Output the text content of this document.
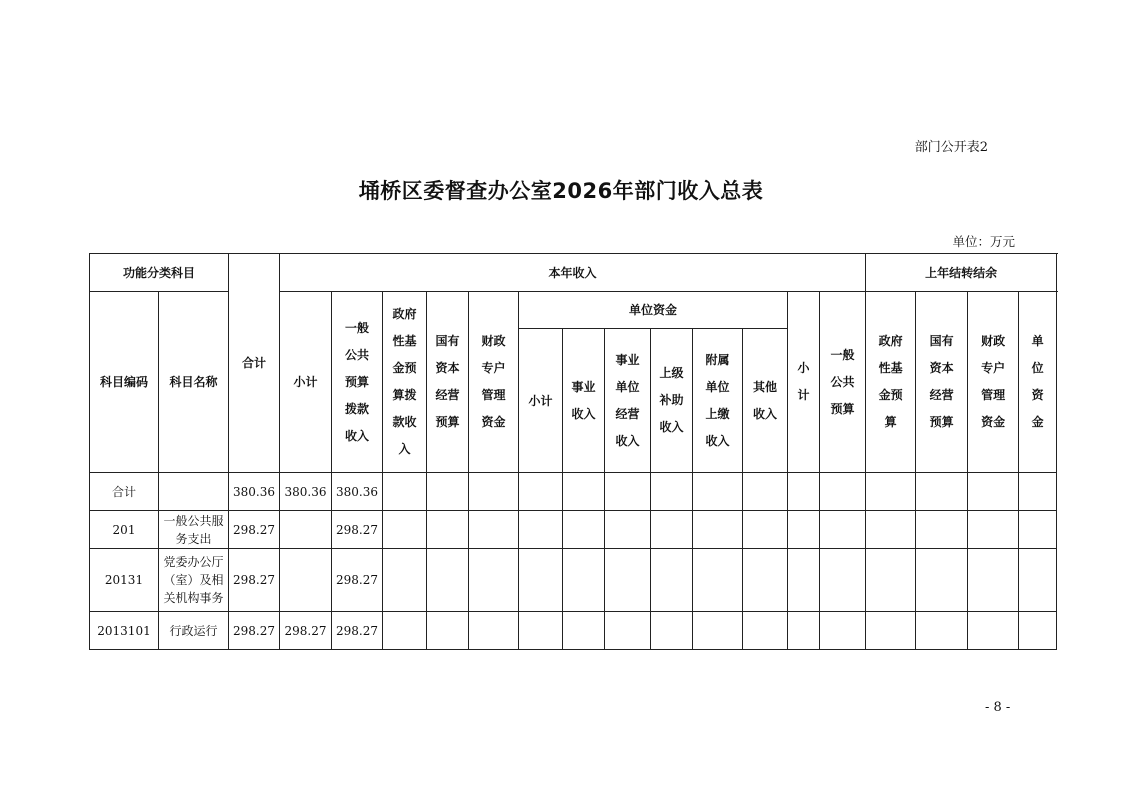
部门公开表2
埇桥区委督查办公室2026年部门收入总表
单位：万元
功能分类科目		合计	本年收入													上年结转结余			
科目编码	科目名称		小计	一般公共预算拨款收入	政府性基金预算拨款收入	国有资本经营预算	财政专户管理资金	单位资金						小计	一般公共预算	政府性基金预算	国有资本经营预算	财政专户管理资金	单位资金
								小计	事业收入	事业单位经营收入	上级补助收入	附属单位上缴收入	其他收入						
合计		380.36	380.36	380.36															
201	一般公共服务支出	298.27		298.27															
20131	党委办公厅（室）及相关机构事务	298.27		298.27															
2013101	行政运行	298.27	298.27	298.27															
- 8 -
